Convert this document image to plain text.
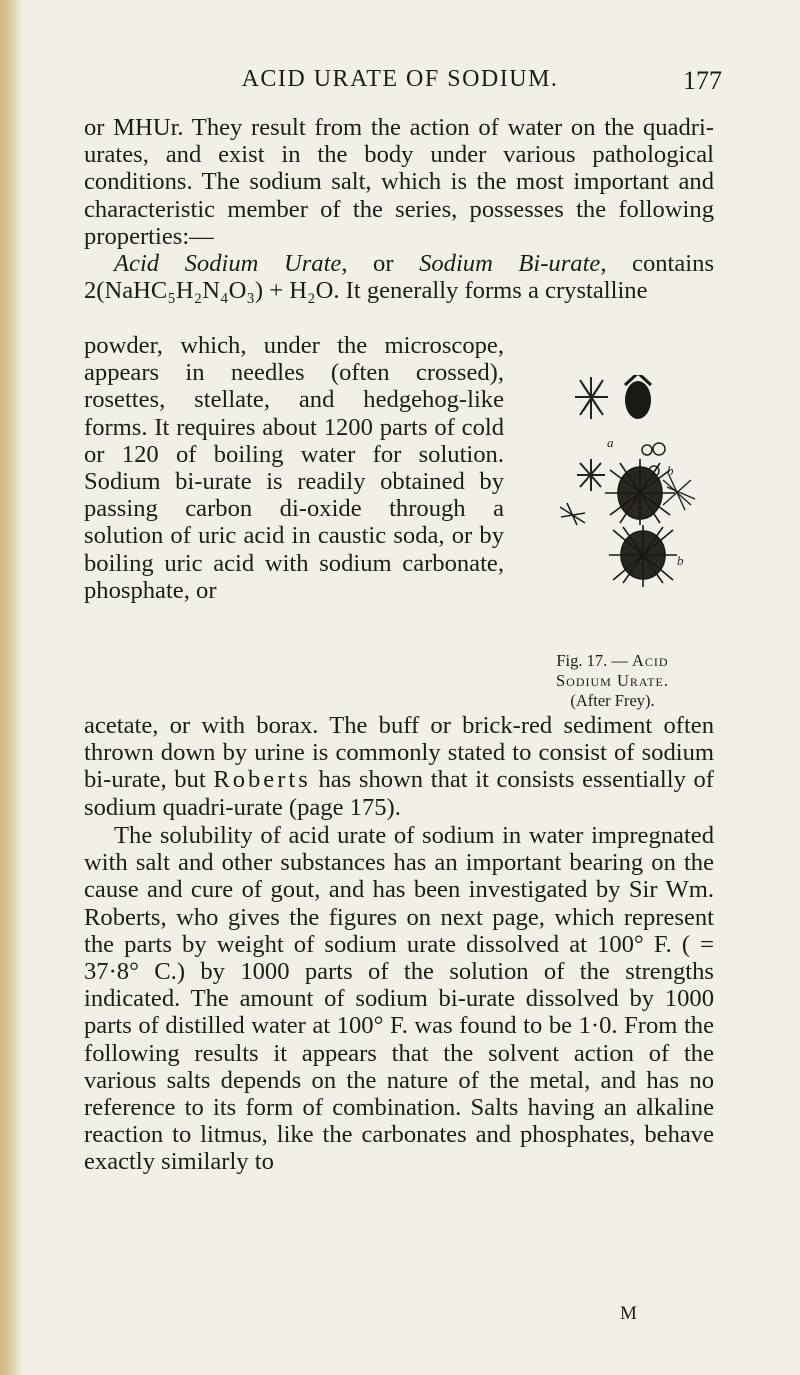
ACID URATE OF SODIUM.	177

or MHUr. They result from the action of water on the quadri-urates, and exist in the body under various pathological conditions. The sodium salt, which is the most important and characteristic member of the series, possesses the following properties:—

Acid Sodium Urate, or Sodium Bi-urate, contains 2(NaHC₅H₂N₄O₃) + H₂O. It generally forms a crystalline

powder, which, under the microscope, appears in needles (often crossed), rosettes, stellate, and hedgehog-like forms. It requires about 1200 parts of cold or 120 of boiling water for solution. Sodium bi-urate is readily obtained by passing carbon di-oxide through a solution of uric acid in caustic soda, or by boiling uric acid with sodium carbonate, phosphate, or

acetate, or with borax. The buff or brick-red sediment often thrown down by urine is commonly stated to consist of sodium bi-urate, but Roberts has shown that it consists essentially of sodium quadri-urate (page 175).

The solubility of acid urate of sodium in water impregnated with salt and other substances has an important bearing on the cause and cure of gout, and has been investigated by Sir Wm. Roberts, who gives the figures on next page, which represent the parts by weight of sodium urate dissolved at 100° F. ( = 37·8° C.) by 1000 parts of the solution of the strengths indicated. The amount of sodium bi-urate dissolved by 1000 parts of distilled water at 100° F. was found to be 1·0. From the following results it appears that the solvent action of the various salts depends on the nature of the metal, and has no reference to its form of combination. Salts having an alkaline reaction to litmus, like the carbonates and phosphates, behave exactly similarly to

a
b
b
Fig. 17. — Acid
Sodium Urate.
(After Frey).
M
